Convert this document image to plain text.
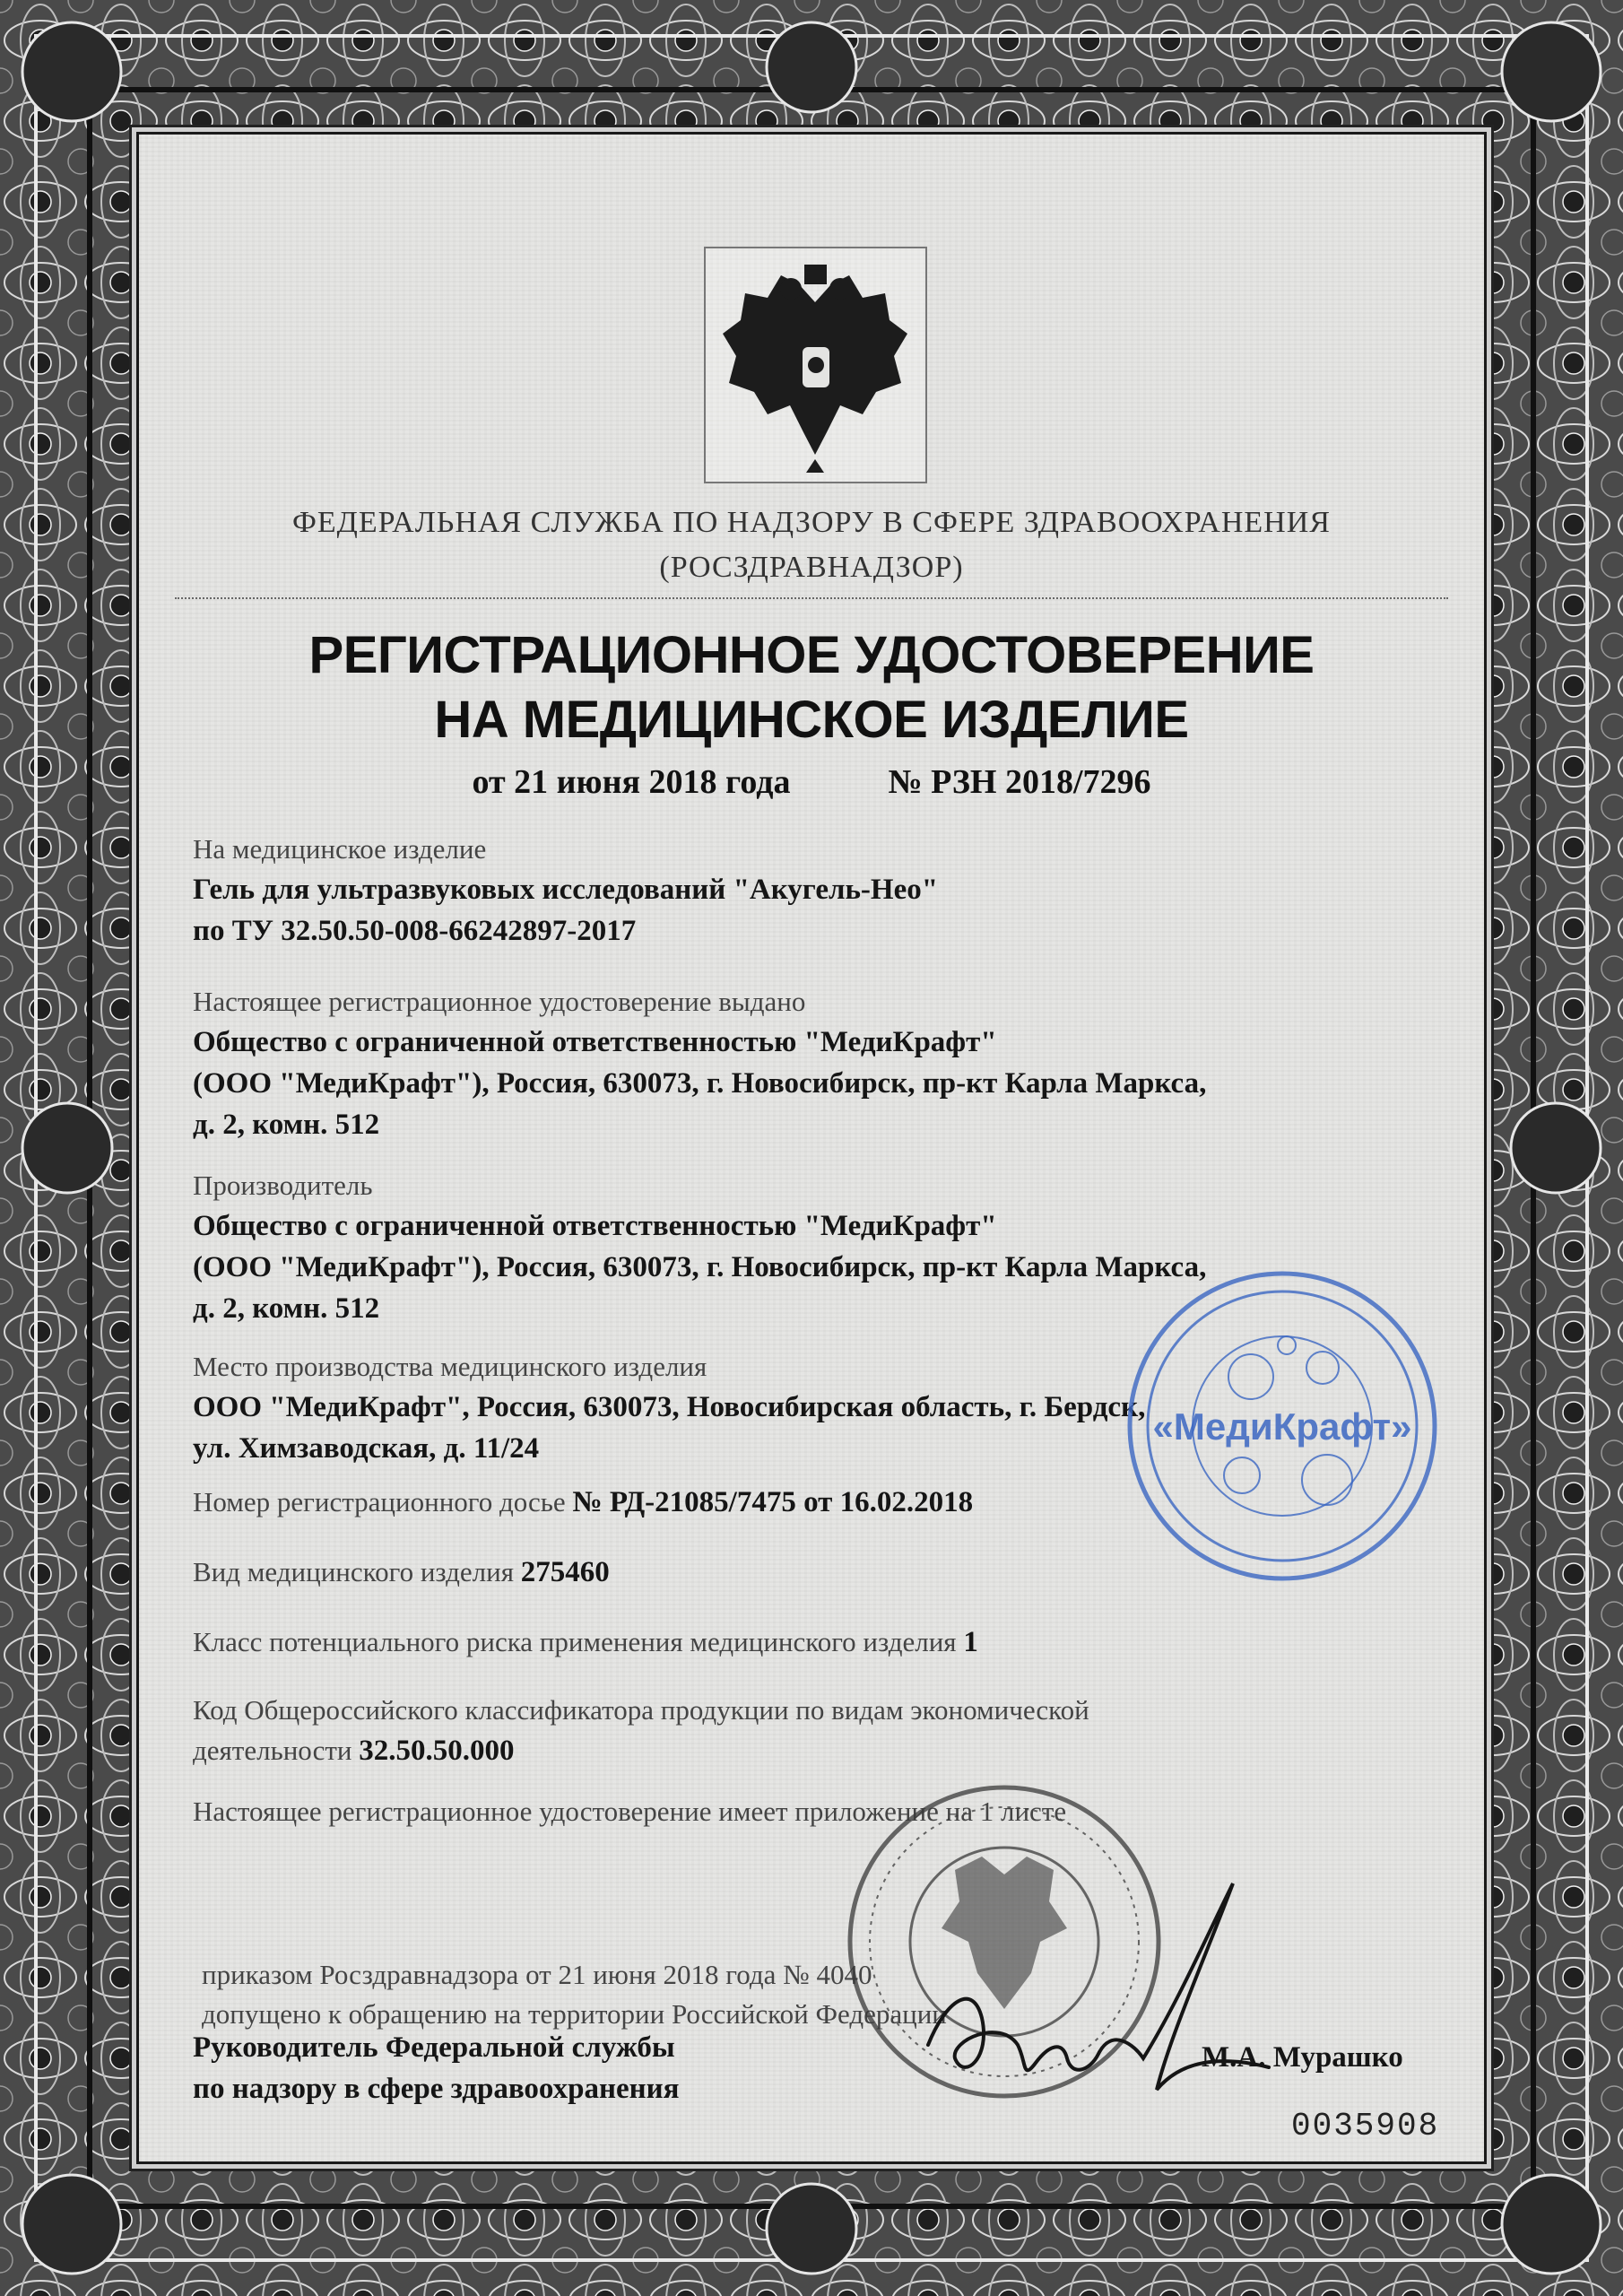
ФЕДЕРАЛЬНАЯ СЛУЖБА ПО НАДЗОРУ В СФЕРЕ ЗДРАВООХРАНЕНИЯ
(РОСЗДРАВНАДЗОР)
РЕГИСТРАЦИОННОЕ УДОСТОВЕРЕНИЕ
НА МЕДИЦИНСКОЕ ИЗДЕЛИЕ
от 21 июня 2018 года	№ РЗН 2018/7296
На медицинское изделие
Гель для ультразвуковых исследований "Акугель-Нео"
по ТУ 32.50.50-008-66242897-2017
Настоящее регистрационное удостоверение выдано
Общество с ограниченной ответственностью "МедиКрафт"
(ООО "МедиКрафт"), Россия, 630073, г. Новосибирск, пр-кт Карла Маркса,
д. 2, комн. 512
Производитель
Общество с ограниченной ответственностью "МедиКрафт"
(ООО "МедиКрафт"), Россия, 630073, г. Новосибирск, пр-кт Карла Маркса,
д. 2, комн. 512
Место производства медицинского изделия
ООО "МедиКрафт", Россия, 630073, Новосибирская область, г. Бердск,
ул. Химзаводская, д. 11/24
Номер регистрационного досье № РД-21085/7475 от 16.02.2018
Вид медицинского изделия 275460
Класс потенциального риска применения медицинского изделия 1
Код Общероссийского классификатора продукции по видам экономической
деятельности 32.50.50.000
Настоящее регистрационное удостоверение имеет приложение на 1 листе
приказом Росздравнадзора от 21 июня 2018 года № 4040
допущено к обращению на территории Российской Федерации
Руководитель Федеральной службы
по надзору в сфере здравоохранения
«МедиКрафт»
М.А. Мурашко
0035908
